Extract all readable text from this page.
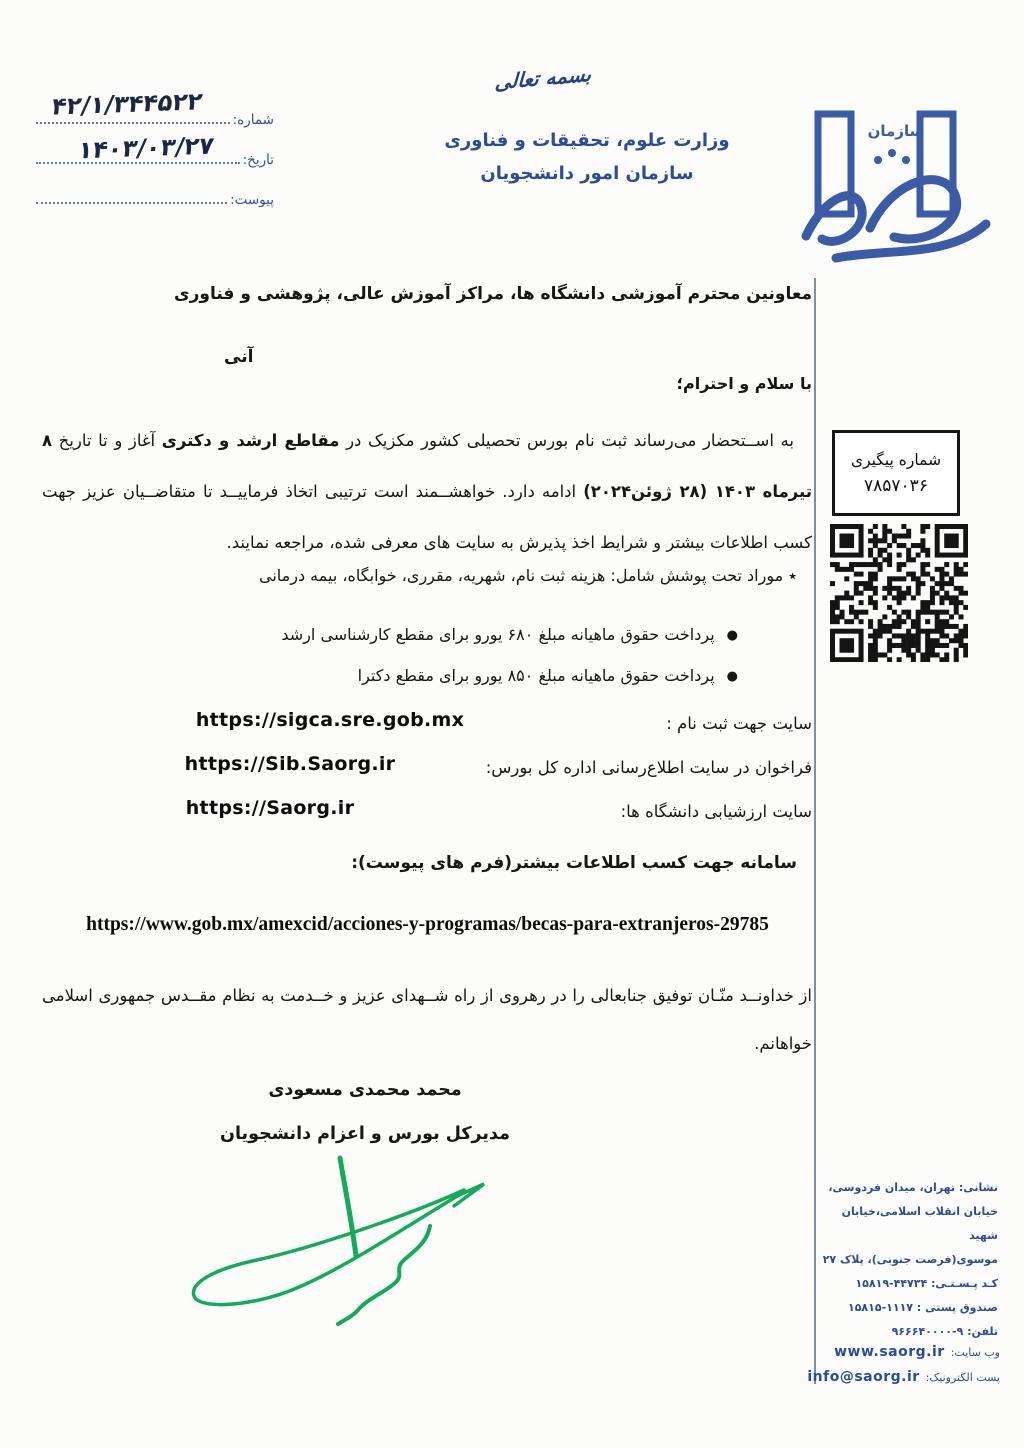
بسمه تعالی
وزارت علوم، تحقیقات و فناوری
سازمان امور دانشجویان
سازمان
شماره:
تاریخ:
پیوست:
۴۲/۱/۳۴۴۵۲۲
۱۴۰۳/۰۳/۲۷
شماره پیگیری
۷۸۵۷۰۳۶
معاونین محترم آموزشی دانشگاه ها، مراکز آموزش عالی، پژوهشی و فناوری
آنی
با سلام و احترام؛

به اســتحضار می‌رساند ثبت نام بورس تحصیلی کشور مکزیک در مقاطع ارشد و دکتری آغاز و تا تاریخ ۸ تیرماه ۱۴۰۳ (۲۸ ژوئن۲۰۲۴) ادامه دارد. خواهشــمند است ترتیبی اتخاذ فرماییــد تا متقاضــیان عزیز جهت کسب اطلاعات بیشتر و شرایط اخذ پذیرش به سایت های معرفی شده، مراجعه نمایند.

٭ موراد تحت پوشش شامل: هزینه ثبت نام، شهریه، مقرری، خوابگاه، بیمه درمانی
●پرداخت حقوق ماهیانه مبلغ ۶۸۰ یورو برای مقطع کارشناسی ارشد
●پرداخت حقوق ماهیانه مبلغ ۸۵۰ یورو برای مقطع دکترا
سایت جهت ثبت نام :
https://sigca.sre.gob.mx
فراخوان در سایت اطلاع‌رسانی اداره کل بورس:
https://Sib.Saorg.ir
سایت ارزشیابی دانشگاه ها:
https://Saorg.ir
سامانه جهت کسب اطلاعات بیشتر(فرم های پیوست):
https://www.gob.mx/amexcid/acciones-y-programas/becas-para-extranjeros-29785

از خداونــد منّـان توفیق جنابعالی را در رهروی از راه شــهدای عزیز و خــدمت به نظام مقــدس جمهوری اسلامی خواهانم.

محمد محمدی مسعودی
مدیرکل بورس و اعزام دانشجویان
نشانی: تهران، میدان فردوسی،
خیابان انقلاب اسلامی،خیابان شهید
موسوی(فرصت جنوبی)، پلاک ۲۷
کـد پـسـتـی: ۱۵۸۱۹-۴۴۷۳۴
صندوق پستی : ۱۵۸۱۵-۱۱۱۷
تلفن: ۹۶۶۶۴۰۰۰۰-۹
وب سایت:
www.saorg.ir
پست الکترونیک:
info@saorg.ir
